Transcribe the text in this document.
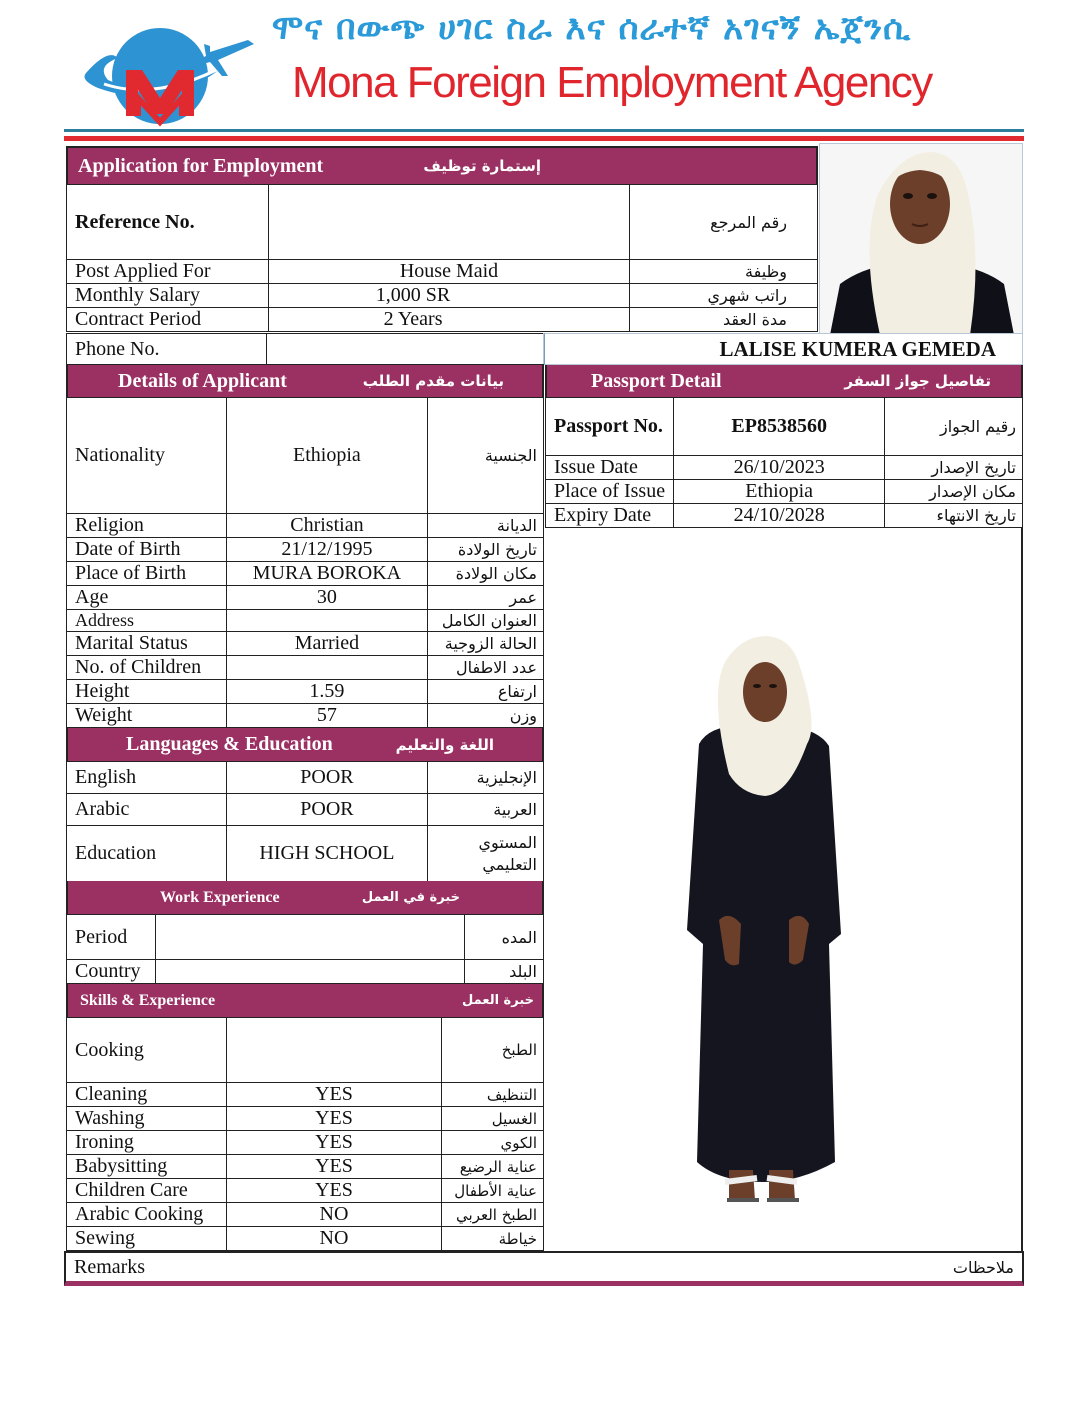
ሞና በውጭ ሀገር ስራ እና ሰራተኛ አገናኝ ኤጀንሲ
Mona Foreign Employment Agency
Application for Employment	إستمارة توظيف
Reference No.		رقم المرجع
Post Applied For	House Maid	وظيفة
Monthly Salary	1,000 SR	راتب شهري
Contract Period	2 Years	مدة العقد
Phone No.		LALISE KUMERA GEMEDA
Details of Applicant	بيانات مقدم الطلب
Nationality	Ethiopia	الجنسية
Religion	Christian	الديانة
Date of Birth	21/12/1995	تاريخ الولادة
Place of Birth	MURA BOROKA	مكان الولادة
Age	30	عمر
Address		العنوان الكامل
Marital Status	Married	الحالة الزوجية
No. of Children		عدد الاطفال
Height	1.59	ارتفاع
Weight	57	وزن
Passport Detail	تفاصيل جواز السفر
Passport No.	EP8538560	رقيم الجواز
Issue Date	26/10/2023	تاريخ الإصدار
Place of Issue	Ethiopia	مكان الإصدار
Expiry Date	24/10/2028	تاريخ الانتهاء
Languages & Education	اللغة والتعليم
English	POOR	الإنجليزية
Arabic	POOR	العربية
Education	HIGH SCHOOL	المستوي التعليمي
Work Experience	خبرة في العمل
Period		المده
Country		البلد
Skills & Experience	خبرة العمل
Cooking		الطبخ
Cleaning	YES	التنظيف
Washing	YES	الغسيل
Ironing	YES	الكوي
Babysitting	YES	عناية الرضيع
Children Care	YES	عناية الأطفال
Arabic Cooking	NO	الطبخ العربي
Sewing	NO	خياطة
Remarks	ملاحظات
